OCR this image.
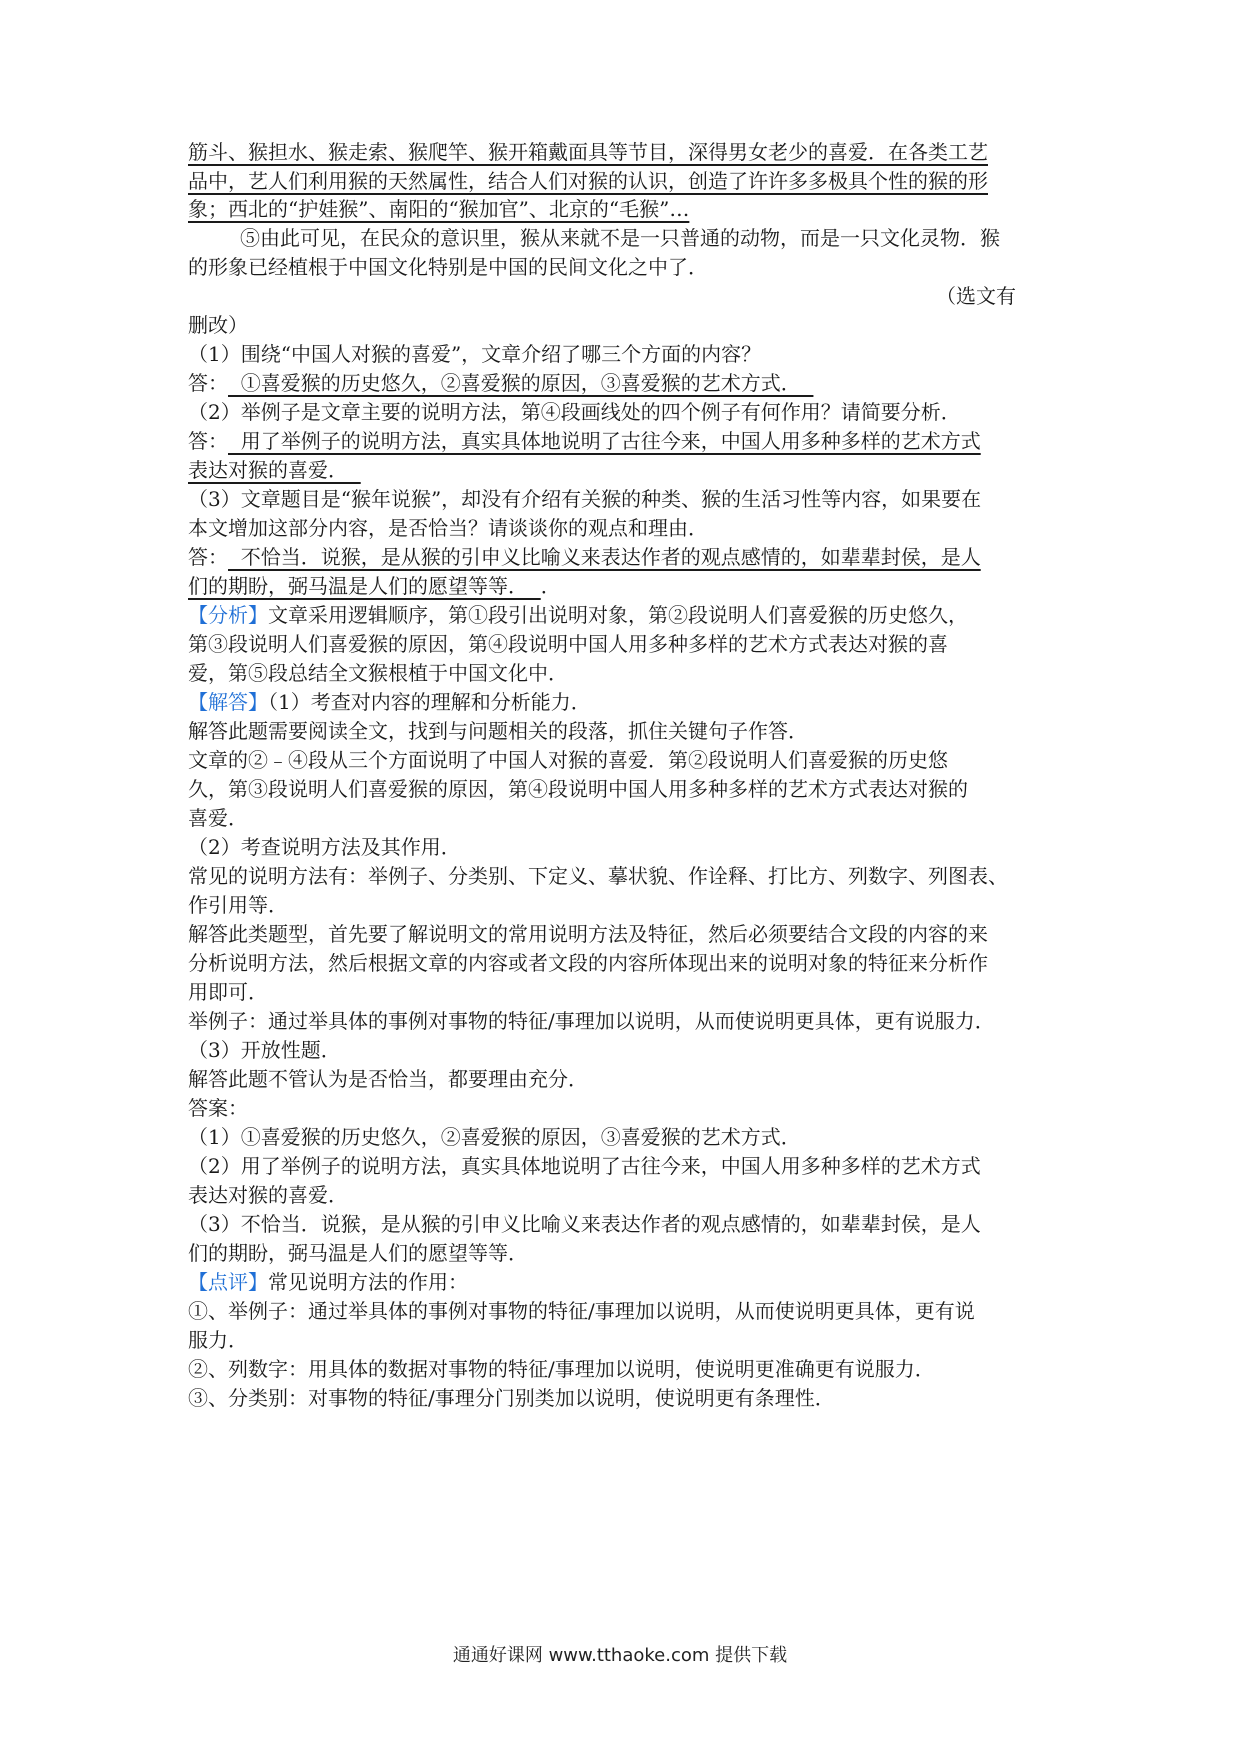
筋斗、猴担水、猴走索、猴爬竿、猴开箱戴面具等节目，深得男女老少的喜爱．在各类工艺
品中，艺人们利用猴的天然属性，结合人们对猴的认识，创造了许许多多极具个性的猴的形
象；西北的“护娃猴”、南阳的“猴加官”、北京的“毛猴”…
⑤由此可见，在民众的意识里，猴从来就不是一只普通的动物，而是一只文化灵物．猴
的形象已经植根于中国文化特别是中国的民间文化之中了．
（选文有
删改）
（1）围绕“中国人对猴的喜爱”，文章介绍了哪三个方面的内容？
答：  ①喜爱猴的历史悠久，②喜爱猴的原因，③喜爱猴的艺术方式．
（2）举例子是文章主要的说明方法，第④段画线处的四个例子有何作用？请简要分析．
答：  用了举例子的说明方法，真实具体地说明了古往今来，中国人用多种多样的艺术方式
表达对猴的喜爱．
（3）文章题目是“猴年说猴”，却没有介绍有关猴的种类、猴的生活习性等内容，如果要在
本文增加这部分内容，是否恰当？请谈谈你的观点和理由．
答：  不恰当．说猴，是从猴的引申义比喻义来表达作者的观点感情的，如辈辈封侯，是人
们的期盼，弼马温是人们的愿望等等．  ．
【分析】文章采用逻辑顺序，第①段引出说明对象，第②段说明人们喜爱猴的历史悠久，
第③段说明人们喜爱猴的原因，第④段说明中国人用多种多样的艺术方式表达对猴的喜
爱，第⑤段总结全文猴根植于中国文化中．
【解答】（1）考查对内容的理解和分析能力．
解答此题需要阅读全文，找到与问题相关的段落，抓住关键句子作答．
文章的②﹣④段从三个方面说明了中国人对猴的喜爱．第②段说明人们喜爱猴的历史悠
久，第③段说明人们喜爱猴的原因，第④段说明中国人用多种多样的艺术方式表达对猴的
喜爱．
（2）考查说明方法及其作用．
常见的说明方法有：举例子、分类别、下定义、摹状貌、作诠释、打比方、列数字、列图表、
作引用等．
解答此类题型，首先要了解说明文的常用说明方法及特征，然后必须要结合文段的内容的来
分析说明方法，然后根据文章的内容或者文段的内容所体现出来的说明对象的特征来分析作
用即可．
举例子：通过举具体的事例对事物的特征/事理加以说明，从而使说明更具体，更有说服力．
（3）开放性题．
解答此题不管认为是否恰当，都要理由充分．
答案：
（1）①喜爱猴的历史悠久，②喜爱猴的原因，③喜爱猴的艺术方式．
（2）用了举例子的说明方法，真实具体地说明了古往今来，中国人用多种多样的艺术方式
表达对猴的喜爱．
（3）不恰当．说猴，是从猴的引申义比喻义来表达作者的观点感情的，如辈辈封侯，是人
们的期盼，弼马温是人们的愿望等等．
【点评】常见说明方法的作用：
①、举例子：通过举具体的事例对事物的特征/事理加以说明，从而使说明更具体，更有说
服力．
②、列数字：用具体的数据对事物的特征/事理加以说明，使说明更准确更有说服力．
③、分类别：对事物的特征/事理分门别类加以说明，使说明更有条理性．
通通好课网 www.tthaoke.com 提供下载
